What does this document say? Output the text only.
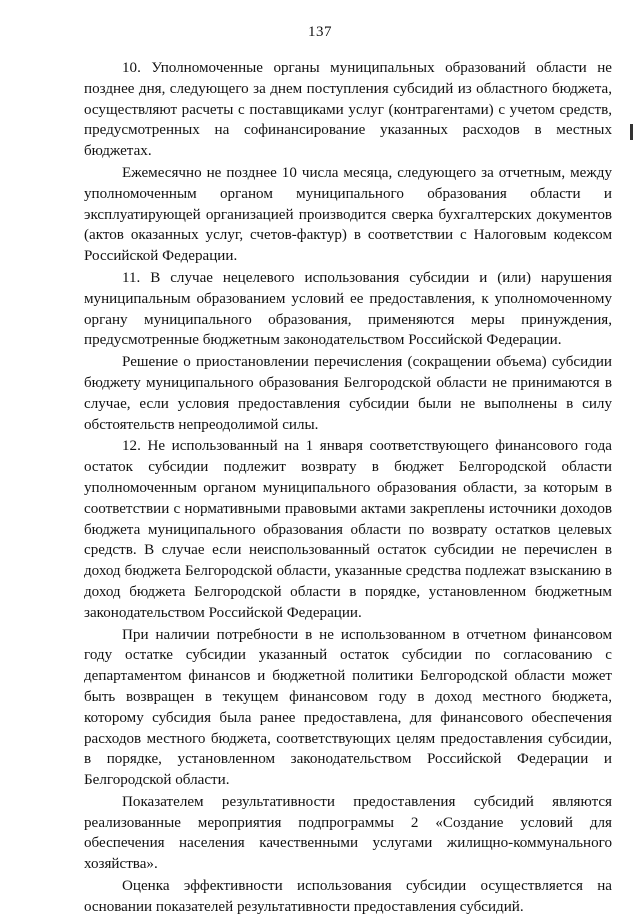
137

10. Уполномоченные органы муниципальных образований области не позднее дня, следующего за днем поступления субсидий из областного бюджета, осуществляют расчеты с поставщиками услуг (контрагентами) с учетом средств, предусмотренных на софинансирование указанных расходов в местных бюджетах.

Ежемесячно не позднее 10 числа месяца, следующего за отчетным, между уполномоченным органом муниципального образования области и эксплуатирующей организацией производится сверка бухгалтерских документов (актов оказанных услуг, счетов-фактур) в соответствии с Налоговым кодексом Российской Федерации.

11. В случае нецелевого использования субсидии и (или) нарушения муниципальным образованием условий ее предоставления, к уполномоченному органу муниципального образования, применяются меры принуждения, предусмотренные бюджетным законодательством Российской Федерации.

Решение о приостановлении перечисления (сокращении объема) субсидии бюджету муниципального образования Белгородской области не принимаются в случае, если условия предоставления субсидии были не выполнены в силу обстоятельств непреодолимой силы.

12. Не использованный на 1 января соответствующего финансового года остаток субсидии подлежит возврату в бюджет Белгородской области уполномоченным органом муниципального образования области, за которым в соответствии с нормативными правовыми актами закреплены источники доходов бюджета муниципального образования области по возврату остатков целевых средств. В случае если неиспользованный остаток субсидии не перечислен в доход бюджета Белгородской области, указанные средства подлежат взысканию в доход бюджета Белгородской области в порядке, установленном бюджетным законодательством Российской Федерации.

При наличии потребности в не использованном в отчетном финансовом году остатке субсидии указанный остаток субсидии по согласованию с департаментом финансов и бюджетной политики Белгородской области может быть возвращен в текущем финансовом году в доход местного бюджета, которому субсидия была ранее предоставлена, для финансового обеспечения расходов местного бюджета, соответствующих целям предоставления субсидии, в порядке, установленном законодательством Российской Федерации и Белгородской области.

Показателем результативности предоставления субсидий являются реализованные мероприятия подпрограммы 2 «Создание условий для обеспечения населения качественными услугами жилищно-коммунального хозяйства».

Оценка эффективности использования субсидии осуществляется на основании показателей результативности предоставления субсидий.
